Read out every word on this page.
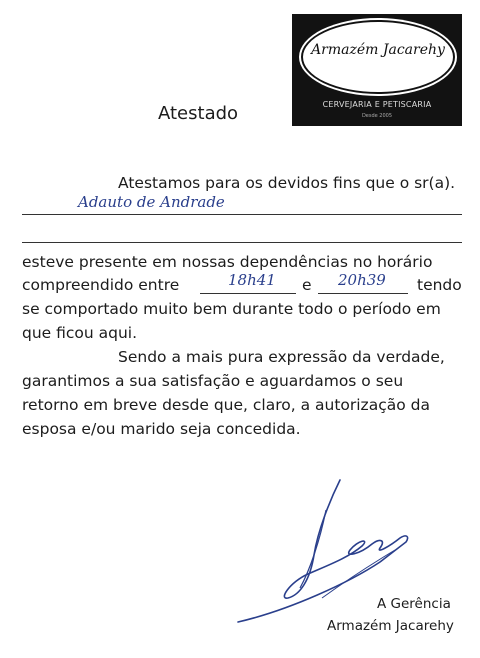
Armazém Jacarehy
CERVEJARIA E PETISCARIA
Desde 2005
Atestado
Atestamos para os devidos fins que o sr(a).
Adauto de Andrade
esteve presente em nossas dependências no horário
compreendido entre	18h41 e 20h39 tendo
se comportado muito bem durante todo o período em
que ficou aqui.
Sendo a mais pura expressão da verdade,
garantimos a sua satisfação e aguardamos o seu
retorno em breve desde que, claro, a autorização da
esposa e/ou marido seja concedida.
A Gerência
Armazém Jacarehy
